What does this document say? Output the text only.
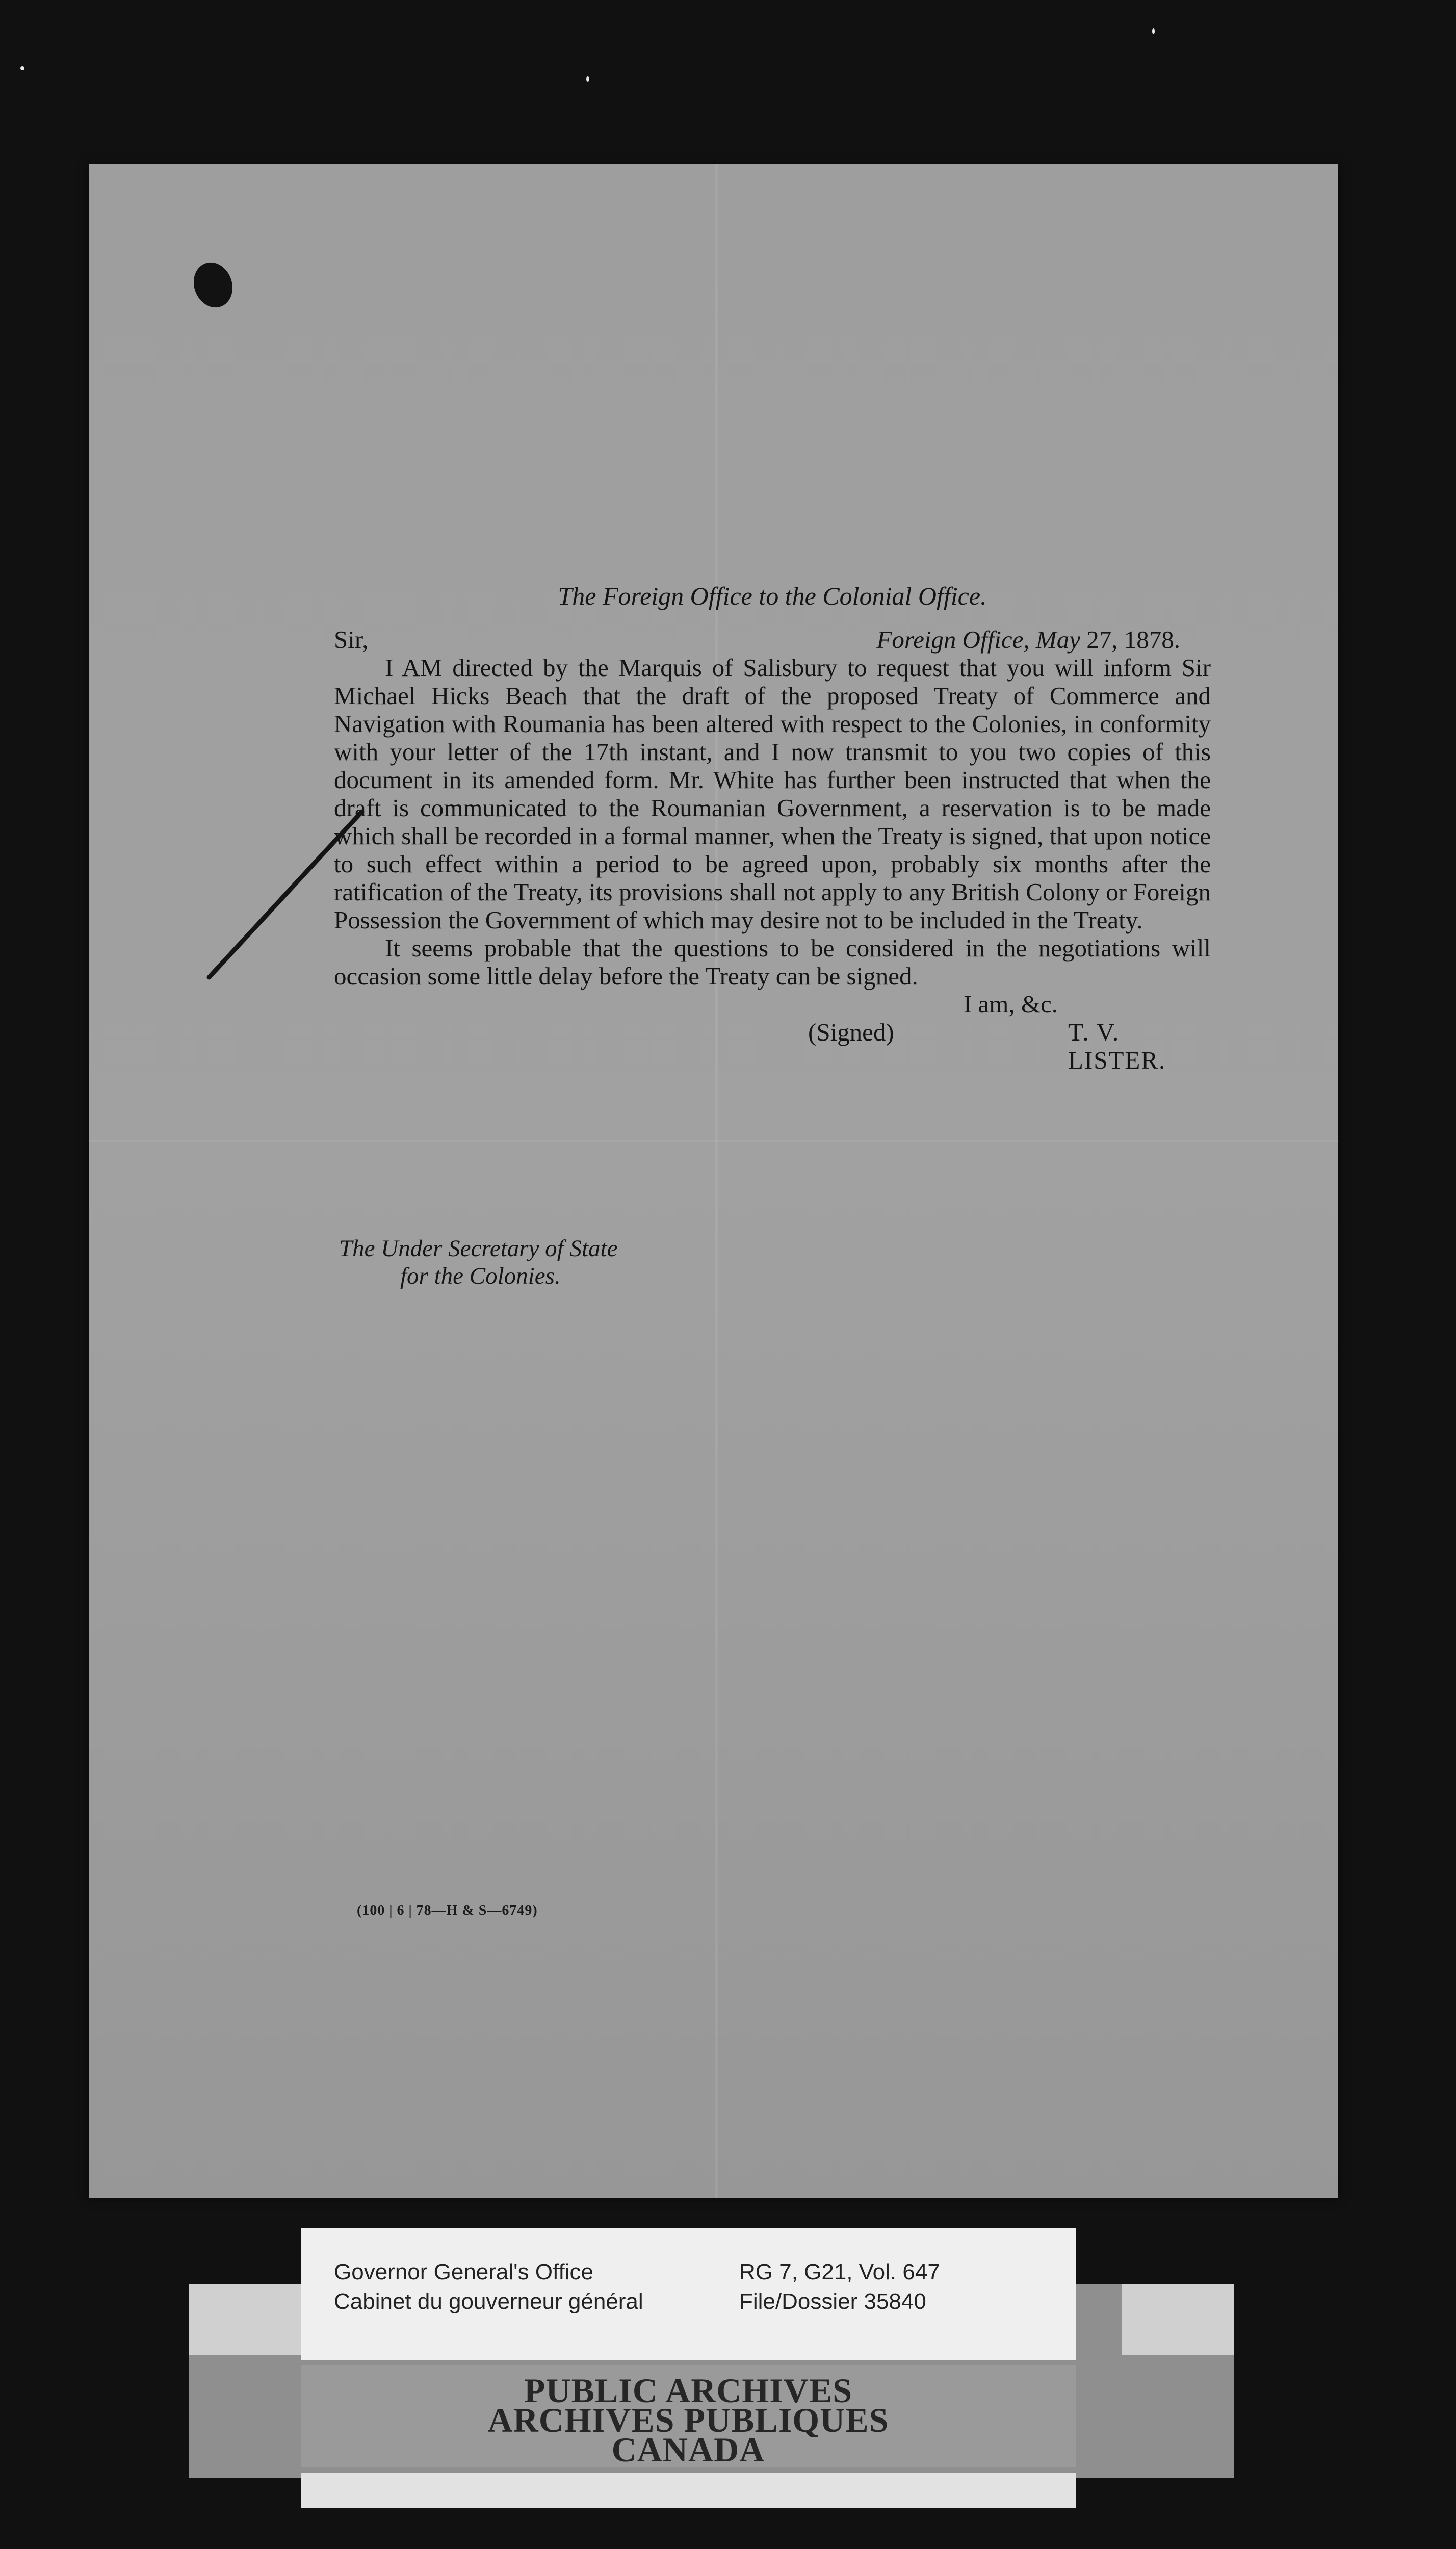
The Foreign Office to the Colonial Office.
Sir,	Foreign Office, May 27, 1878.

I AM directed by the Marquis of Salisbury to request that you will inform Sir Michael Hicks Beach that the draft of the proposed Treaty of Commerce and Navigation with Roumania has been altered with respect to the Colonies, in conformity with your letter of the 17th instant, and I now transmit to you two copies of this document in its amended form. Mr. White has further been instructed that when the draft is communicated to the Roumanian Government, a reservation is to be made which shall be recorded in a formal manner, when the Treaty is signed, that upon notice to such effect within a period to be agreed upon, probably six months after the ratification of the Treaty, its provisions shall not apply to any British Colony or Foreign Possession the Government of which may desire not to be included in the Treaty.

It seems probable that the questions to be considered in the negotiations will occasion some little delay before the Treaty can be signed.

I am, &c.
(Signed)	T. V. LISTER.
The Under Secretary of State
for the Colonies.
(100 | 6 | 78—H & S—6749)
Governor General's Office
Cabinet du gouverneur général
RG 7, G21, Vol. 647
File/Dossier 35840
PUBLIC ARCHIVES
ARCHIVES PUBLIQUES
CANADA
